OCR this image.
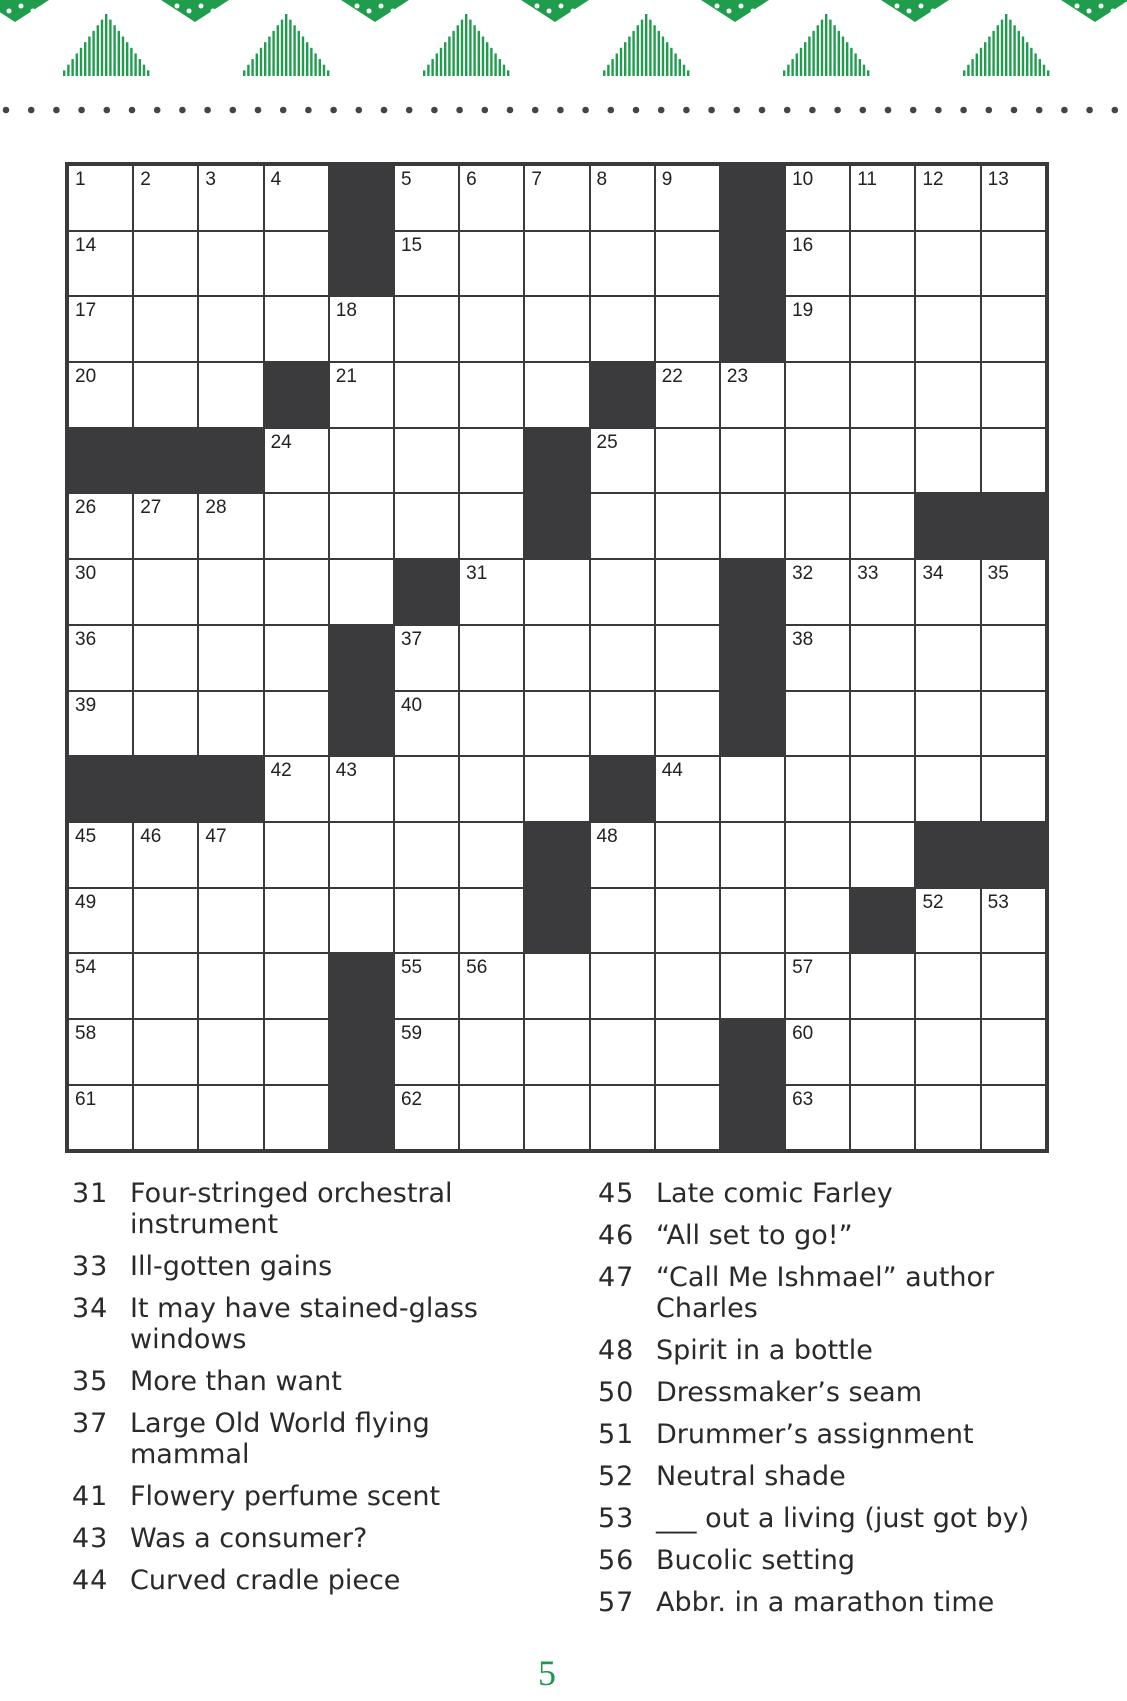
1	2	3	4	5	6	7	8	9	10 11 12 13
14	15	16
17	18	19
20	21	22 23
24	25
26 27 28
30	31	32 33 34 35
36	37	38
39	40
42 43	44
45 46 47	48
49	52 53
54	55 56	57
58	59	60
61	62	63
31 Four-stringed orchestral instrument
33 Ill-gotten gains
34 It may have stained-glass windows
35 More than want
37 Large Old World flying mammal
41 Flowery perfume scent
43 Was a consumer?
44 Curved cradle piece
45 Late comic Farley
46 “All set to go!”
47 “Call Me Ishmael” author Charles
48 Spirit in a bottle
50 Dressmaker’s seam
51 Drummer’s assignment
52 Neutral shade
53 ___ out a living (just got by)
56 Bucolic setting
57 Abbr. in a marathon time
5
